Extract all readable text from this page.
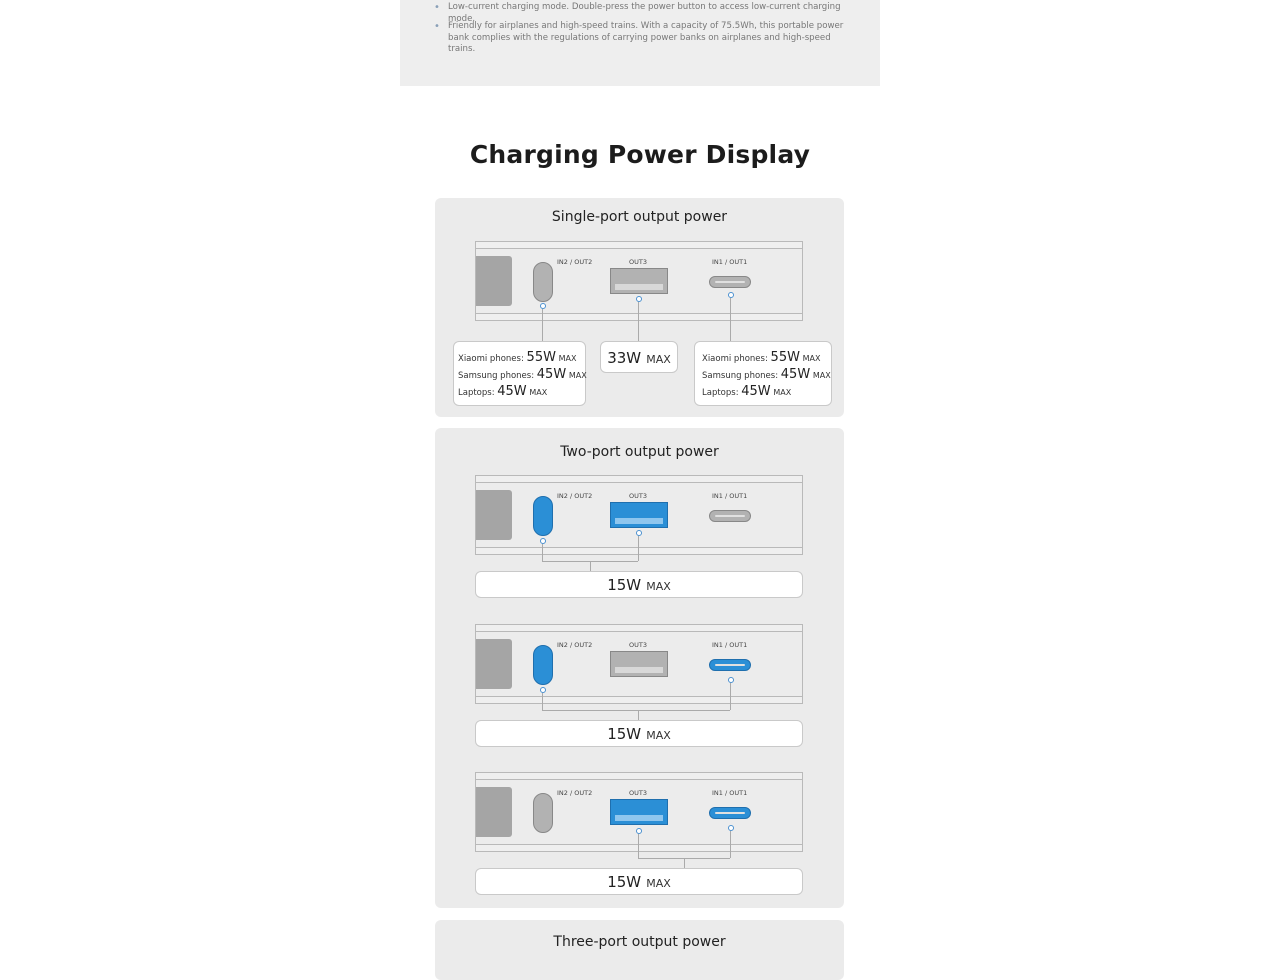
• Low-current charging mode. Double-press the power button to access low-current charging mode.
• Friendly for airplanes and high-speed trains. With a capacity of 75.5Wh, this portable power bank complies with the regulations of carrying power banks on airplanes and high-speed trains.
Charging Power Display
Single-port output power
IN2 / OUT2	OUT3	IN1 / OUT1
Xiaomi phones: 55W MAX
Samsung phones: 45W MAX
Laptops: 45W MAX
33W MAX	Xiaomi phones: 55W MAX
Samsung phones: 45W MAX
Laptops: 45W MAX
Two-port output power
IN2 / OUT2	OUT3	IN1 / OUT1
15W MAX
IN2 / OUT2	OUT3	IN1 / OUT1
15W MAX
IN2 / OUT2	OUT3	IN1 / OUT1
15W MAX
Three-port output power
